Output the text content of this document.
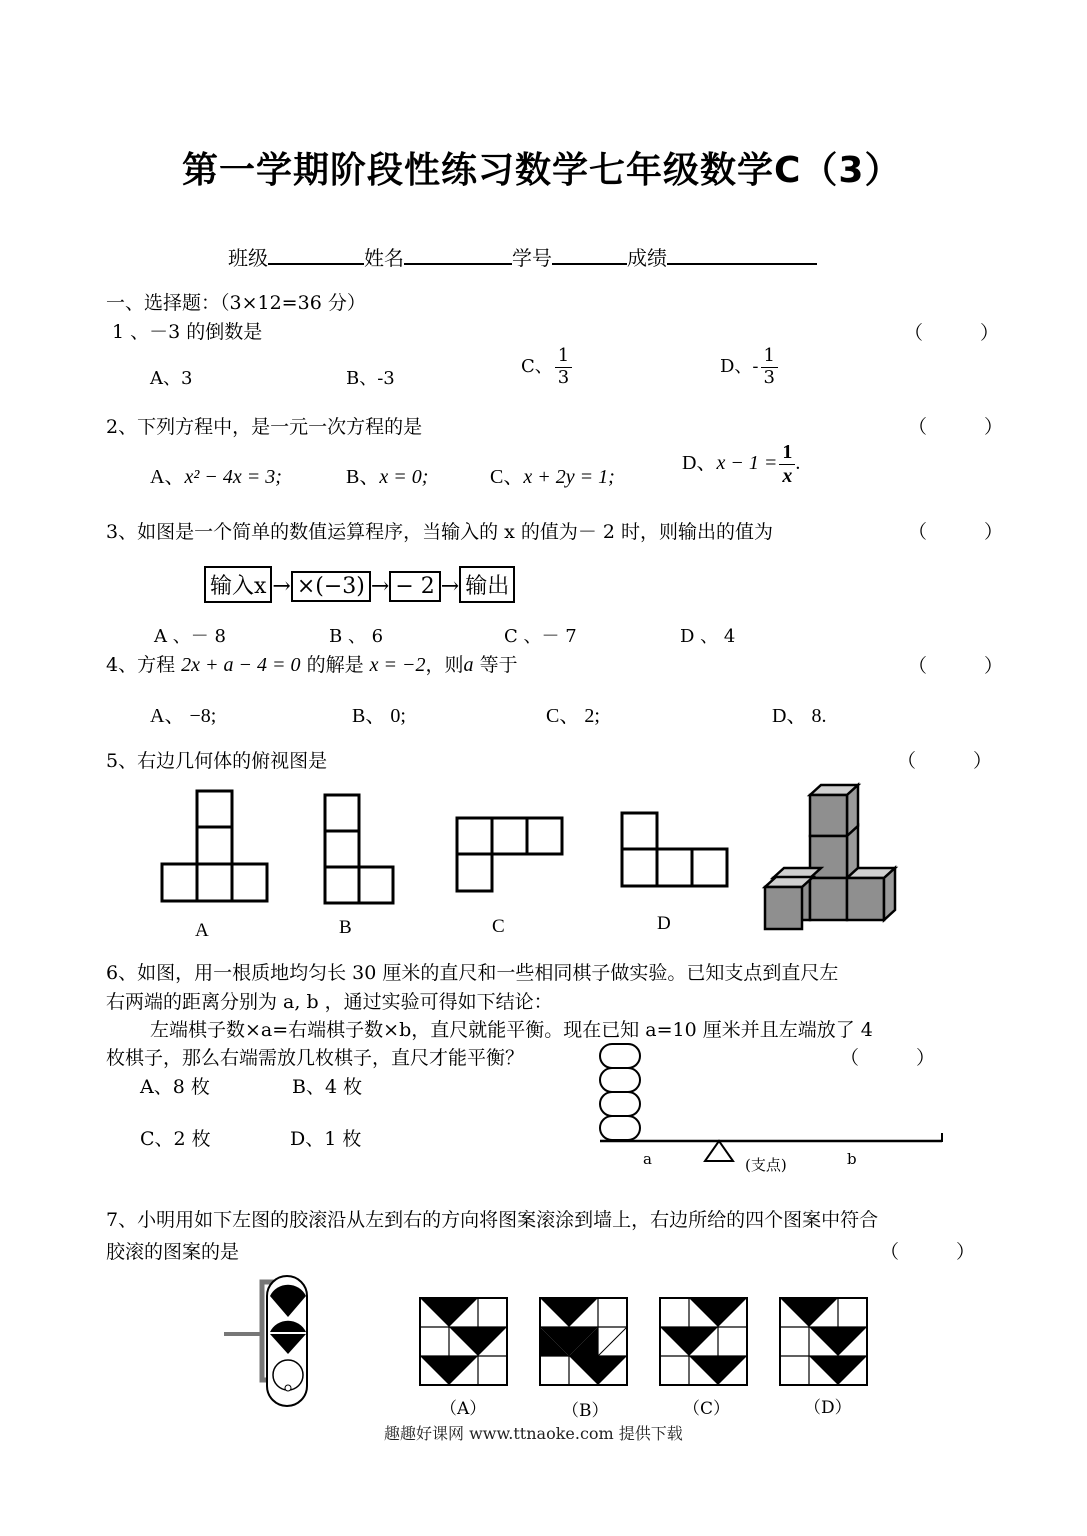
第一学期阶段性练习数学七年级数学C（3）
班级	姓名	学号	成绩
一、选择题：（3×12=36 分）
1 、－3 的倒数是	（　　　）
A、3	B、-3
C、 $\frac{1}{3}$	D、- $\frac{1}{3}$
2、下列方程中，是一元一次方程的是	（　　　）
A、x² − 4x = 3;	B、x = 0;	C、x + 2y = 1;
D、$x - 1 = \frac{1}{x}$ .
3、如图是一个简单的数值运算程序，当输入的 x 的值为－ 2 时，则输出的值为	（　　　）
输入x → ×(−3) → − 2 → 输出
A 、－ 8	B 、 6	C 、－ 7	D 、 4
4、方程 2x + a − 4 = 0 的解是 x = −2，则a 等于	（　　　）
A、 −8;	B、 0;	C、 2;	D、 8.
5、右边几何体的俯视图是	（　　　）
A	B	C	D
6、如图，用一根质地均匀长 30 厘米的直尺和一些相同棋子做实验。已知支点到直尺左
右两端的距离分别为 a, b ，通过实验可得如下结论：
左端棋子数×a=右端棋子数×b，直尺就能平衡。现在已知 a=10 厘米并且左端放了 4
枚棋子，那么右端需放几枚棋子，直尺才能平衡？	（　　　）
A、8 枚	B、4 枚
C、2 枚	D、1 枚
a	(支点)	b
7、小明用如下左图的胶滚沿从左到右的方向将图案滚涂到墙上，右边所给的四个图案中符合
胶滚的图案的是	（　　　）
（A）	（B）	（C）	（D）
趣趣好课网 www.ttnaoke.com 提供下载
